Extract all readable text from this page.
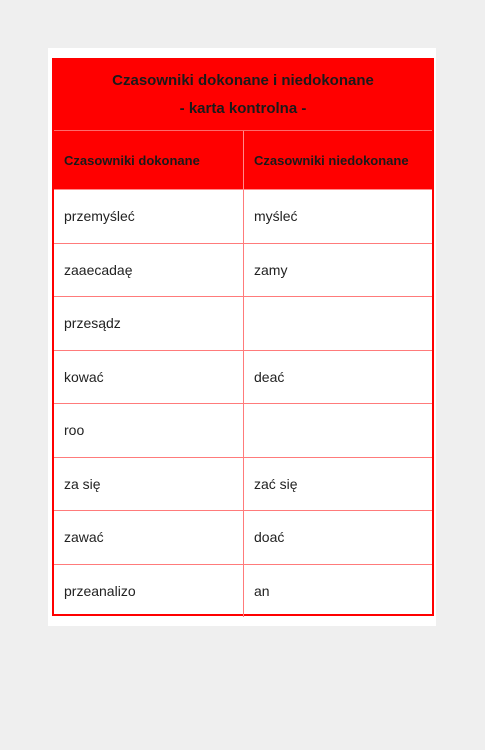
Czasowniki dokonane i niedokonane
- karta kontrolna -
Czasowniki dokonane	Czasowniki niedokonane
przemyśleć	myśleć
zaaecadaę	zamy
przesądz
kować	deać
roo
za się	zać się
zawać	doać
przeanalizo	an
